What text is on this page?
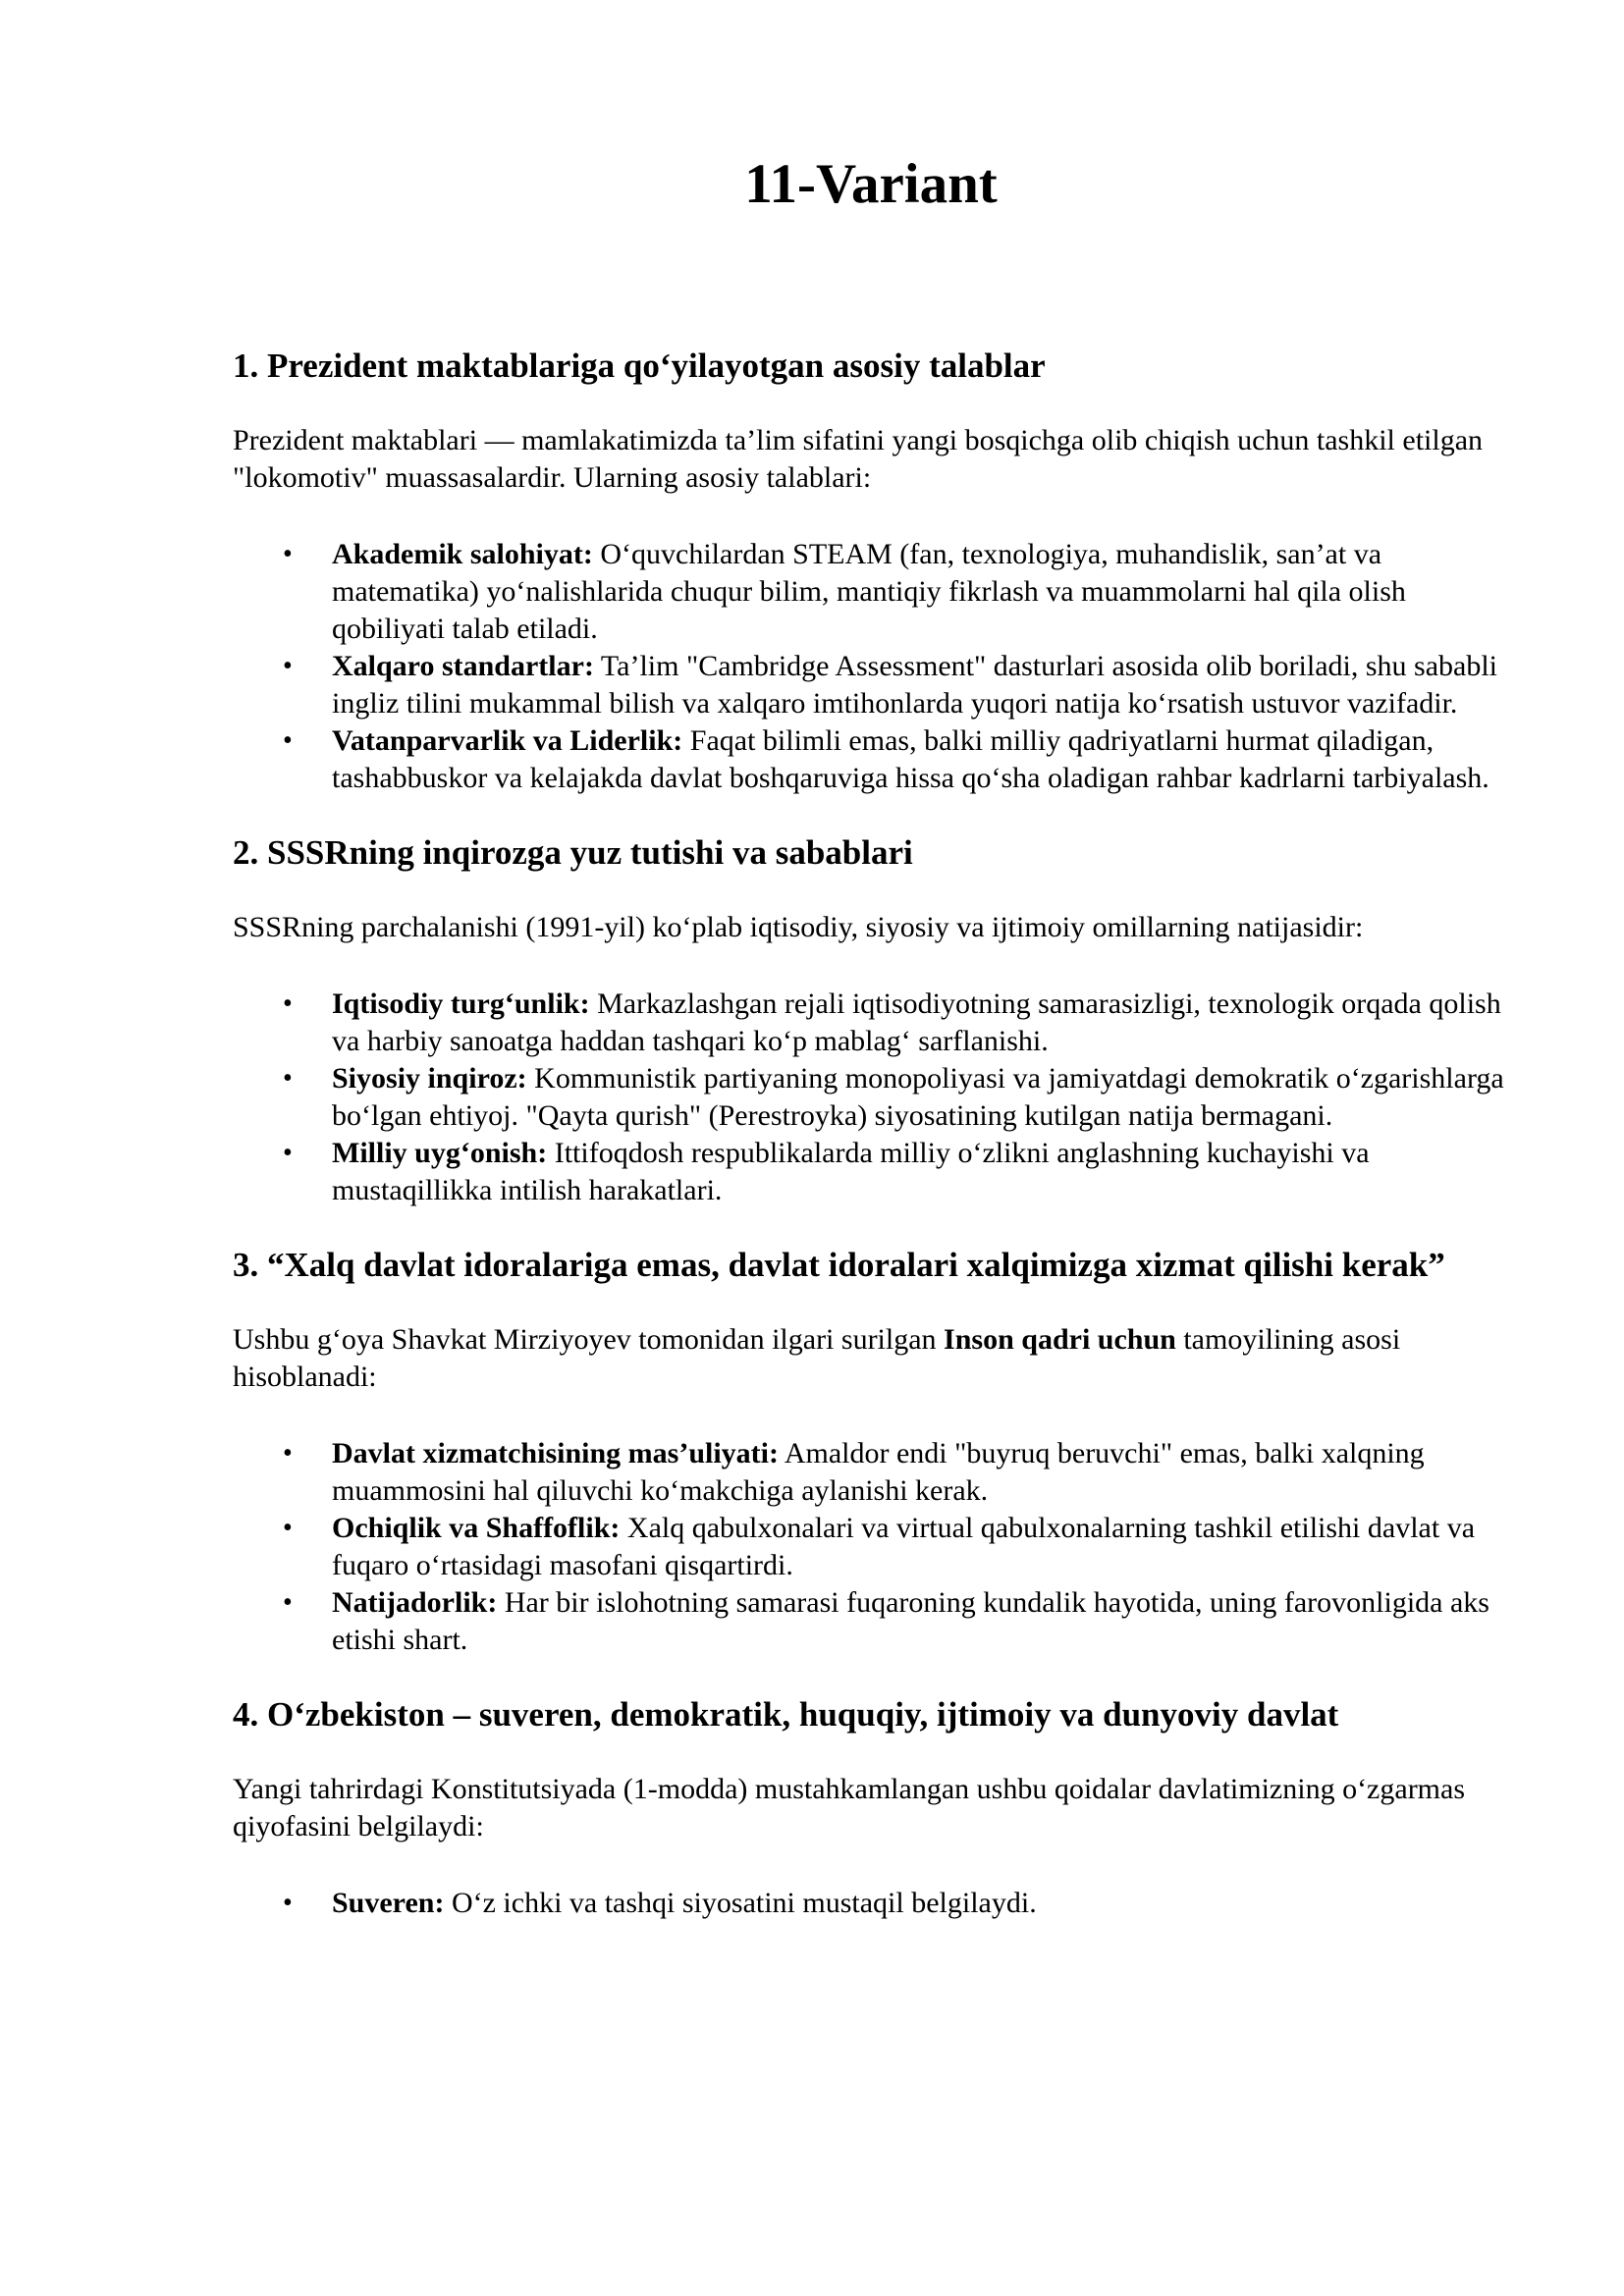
11-Variant
1. Prezident maktablariga qo‘yilayotgan asosiy talablar

Prezident maktablari — mamlakatimizda ta’lim sifatini yangi bosqichga olib chiqish uchun tashkil etilgan "lokomotiv" muassasalardir. Ularning asosiy talablari:

• Akademik salohiyat: O‘quvchilardan STEAM (fan, texnologiya, muhandislik, san’at va matematika) yo‘nalishlarida chuqur bilim, mantiqiy fikrlash va muammolarni hal qila olish qobiliyati talab etiladi.
• Xalqaro standartlar: Ta’lim "Cambridge Assessment" dasturlari asosida olib boriladi, shu sababli ingliz tilini mukammal bilish va xalqaro imtihonlarda yuqori natija ko‘rsatish ustuvor vazifadir.
• Vatanparvarlik va Liderlik: Faqat bilimli emas, balki milliy qadriyatlarni hurmat qiladigan, tashabbuskor va kelajakda davlat boshqaruviga hissa qo‘sha oladigan rahbar kadrlarni tarbiyalash.
2. SSSRning inqirozga yuz tutishi va sabablari

SSSRning parchalanishi (1991-yil) ko‘plab iqtisodiy, siyosiy va ijtimoiy omillarning natijasidir:

• Iqtisodiy turg‘unlik: Markazlashgan rejali iqtisodiyotning samarasizligi, texnologik orqada qolish va harbiy sanoatga haddan tashqari ko‘p mablag‘ sarflanishi.
• Siyosiy inqiroz: Kommunistik partiyaning monopoliyasi va jamiyatdagi demokratik o‘zgarishlarga bo‘lgan ehtiyoj. "Qayta qurish" (Perestroyka) siyosatining kutilgan natija bermagani.
• Milliy uyg‘onish: Ittifoqdosh respublikalarda milliy o‘zlikni anglashning kuchayishi va mustaqillikka intilish harakatlari.
3. “Xalq davlat idoralariga emas, davlat idoralari xalqimizga xizmat qilishi kerak”

Ushbu g‘oya Shavkat Mirziyoyev tomonidan ilgari surilgan Inson qadri uchun tamoyilining asosi hisoblanadi:

• Davlat xizmatchisining mas’uliyati: Amaldor endi "buyruq beruvchi" emas, balki xalqning muammosini hal qiluvchi ko‘makchiga aylanishi kerak.
• Ochiqlik va Shaffoflik: Xalq qabulxonalari va virtual qabulxonalarning tashkil etilishi davlat va fuqaro o‘rtasidagi masofani qisqartirdi.
• Natijadorlik: Har bir islohotning samarasi fuqaroning kundalik hayotida, uning farovonligida aks etishi shart.
4. O‘zbekiston – suveren, demokratik, huquqiy, ijtimoiy va dunyoviy davlat

Yangi tahrirdagi Konstitutsiyada (1-modda) mustahkamlangan ushbu qoidalar davlatimizning o‘zgarmas qiyofasini belgilaydi:

• Suveren: O‘z ichki va tashqi siyosatini mustaqil belgilaydi.
